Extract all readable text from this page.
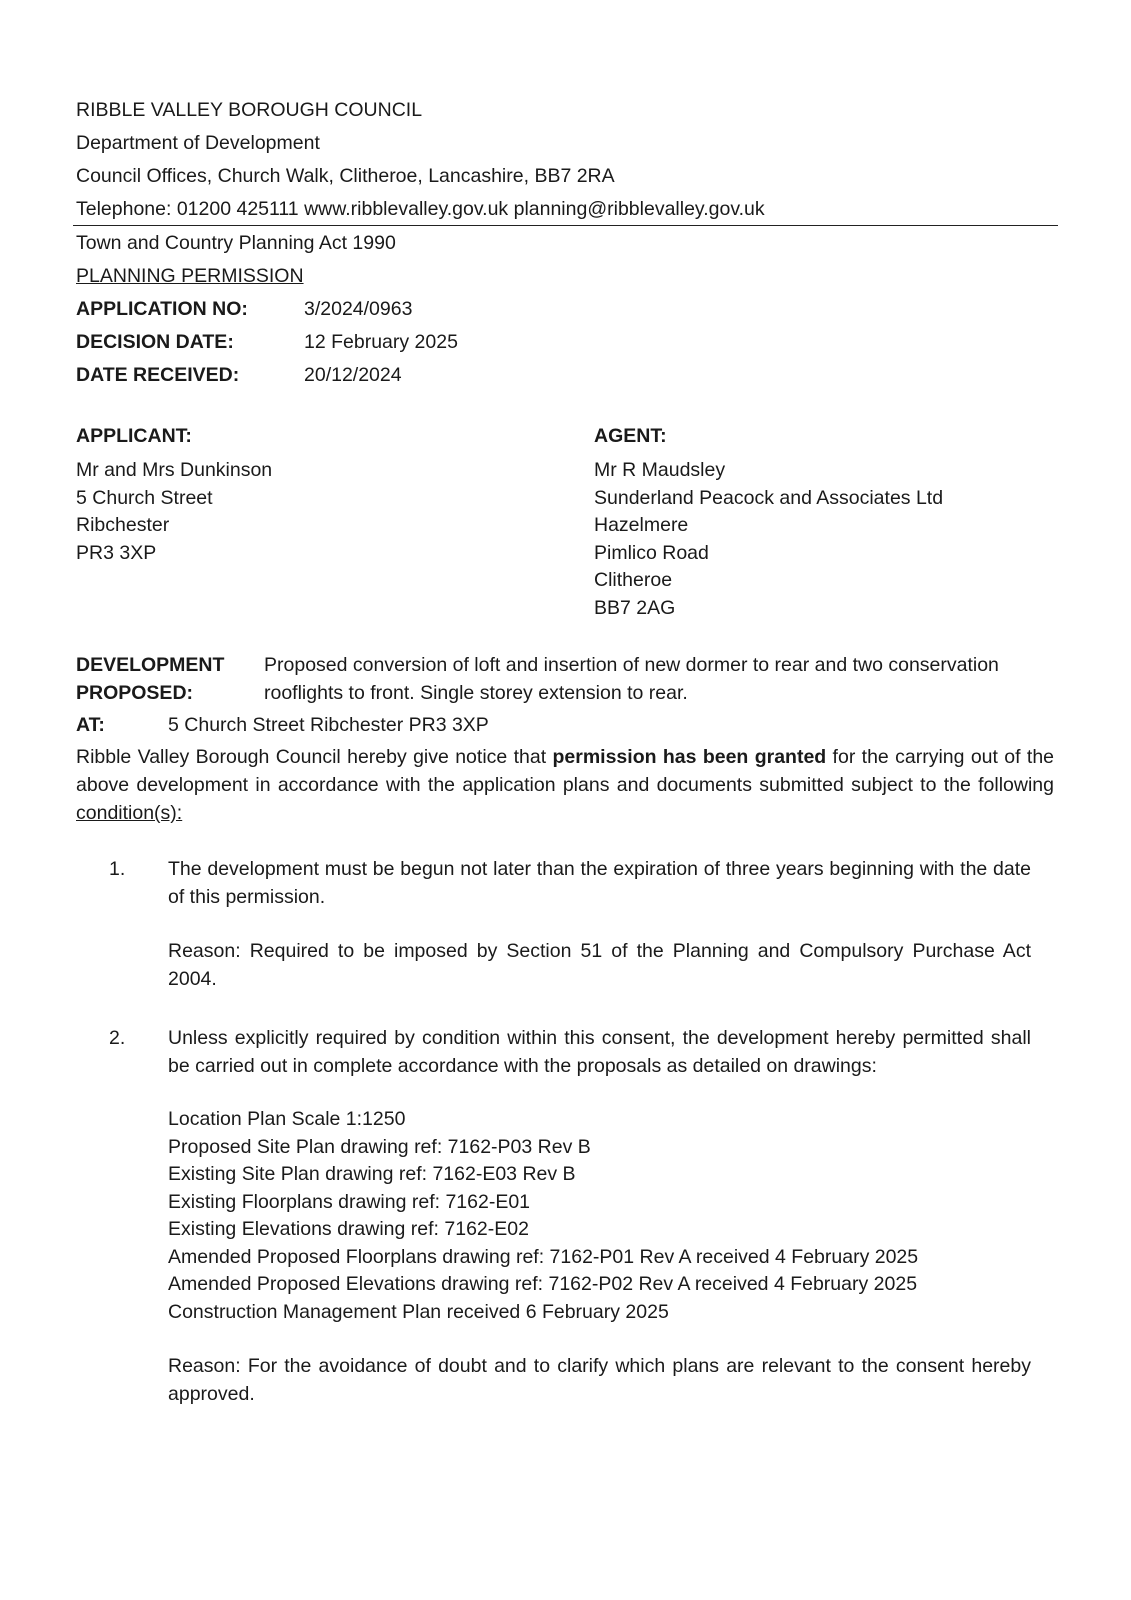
RIBBLE VALLEY BOROUGH COUNCIL
Department of Development
Council Offices, Church Walk, Clitheroe, Lancashire, BB7 2RA
Telephone: 01200 425111 www.ribblevalley.gov.uk planning@ribblevalley.gov.uk
Town and Country Planning Act 1990
PLANNING PERMISSION
APPLICATION NO:	3/2024/0963
DECISION DATE:	12 February 2025
DATE RECEIVED:	20/12/2024
APPLICANT:
Mr and Mrs Dunkinson
5 Church Street
Ribchester
PR3 3XP
AGENT:
Mr R Maudsley
Sunderland Peacock and Associates Ltd
Hazelmere
Pimlico Road
Clitheroe
BB7 2AG
DEVELOPMENT
PROPOSED:
Proposed conversion of loft and insertion of new dormer to rear and two conservation rooflights to front. Single storey extension to rear.
AT:	5 Church Street Ribchester PR3 3XP
Ribble Valley Borough Council hereby give notice that permission has been granted for the carrying out of the above development in accordance with the application plans and documents submitted subject to the following condition(s):
1. The development must be begun not later than the expiration of three years beginning with the date of this permission.

Reason: Required to be imposed by Section 51 of the Planning and Compulsory Purchase Act 2004.

2. Unless explicitly required by condition within this consent, the development hereby permitted shall be carried out in complete accordance with the proposals as detailed on drawings:

Location Plan Scale 1:1250
Proposed Site Plan drawing ref: 7162-P03 Rev B
Existing Site Plan drawing ref: 7162-E03 Rev B
Existing Floorplans drawing ref: 7162-E01
Existing Elevations drawing ref: 7162-E02
Amended Proposed Floorplans drawing ref: 7162-P01 Rev A received 4 February 2025
Amended Proposed Elevations drawing ref: 7162-P02 Rev A received 4 February 2025
Construction Management Plan received 6 February 2025

Reason: For the avoidance of doubt and to clarify which plans are relevant to the consent hereby approved.
